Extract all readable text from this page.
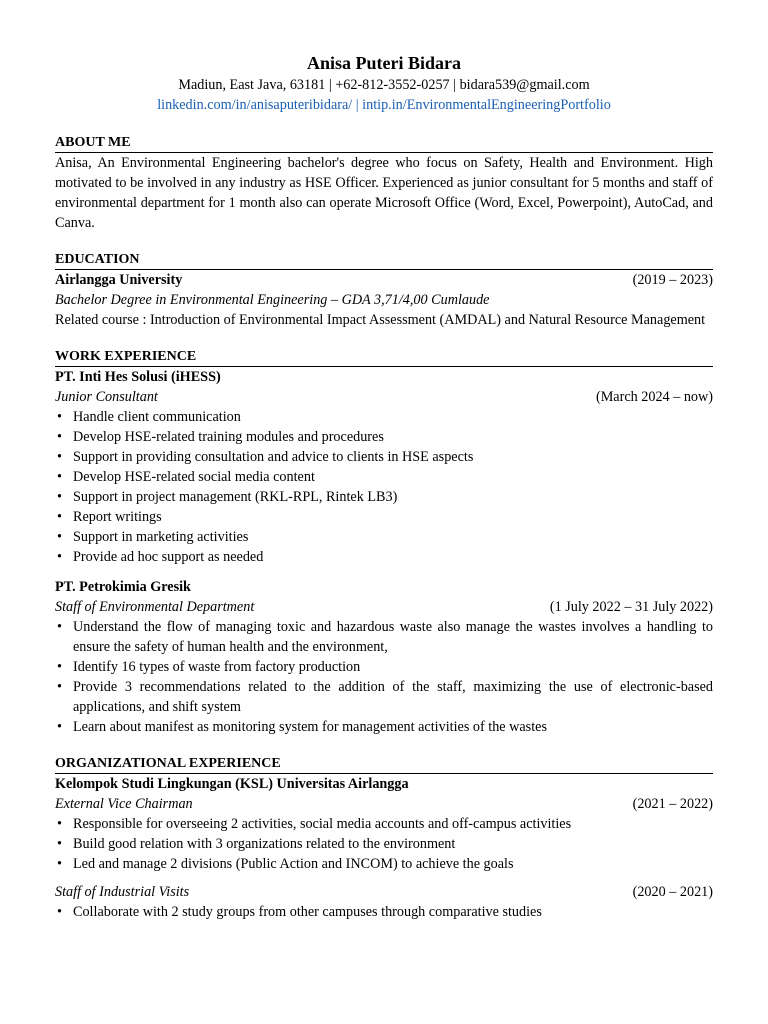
Anisa Puteri Bidara
Madiun, East Java, 63181 | +62-812-3552-0257 | bidara539@gmail.com
linkedin.com/in/anisaputeribidara/ | intip.in/EnvironmentalEngineeringPortfolio
ABOUT ME
Anisa, An Environmental Engineering bachelor's degree who focus on Safety, Health and Environment. High motivated to be involved in any industry as HSE Officer. Experienced as junior consultant for 5 months and staff of environmental department for 1 month also can operate Microsoft Office (Word, Excel, Powerpoint), AutoCad, and Canva.
EDUCATION
Airlangga University	(2019 – 2023)
Bachelor Degree in Environmental Engineering – GDA 3,71/4,00 Cumlaude
Related course : Introduction of Environmental Impact Assessment (AMDAL) and Natural Resource Management
WORK EXPERIENCE
PT. Inti Hes Solusi (iHESS)
Junior Consultant	(March 2024 – now)
• Handle client communication
• Develop HSE-related training modules and procedures
• Support in providing consultation and advice to clients in HSE aspects
• Develop HSE-related social media content
• Support in project management (RKL-RPL, Rintek LB3)
• Report writings
• Support in marketing activities
• Provide ad hoc support as needed
PT. Petrokimia Gresik
Staff of Environmental Department	(1 July 2022 – 31 July 2022)
• Understand the flow of managing toxic and hazardous waste also manage the wastes involves a handling to ensure the safety of human health and the environment,
• Identify 16 types of waste from factory production
• Provide 3 recommendations related to the addition of the staff, maximizing the use of electronic-based applications, and shift system
• Learn about manifest as monitoring system for management activities of the wastes
ORGANIZATIONAL EXPERIENCE
Kelompok Studi Lingkungan (KSL) Universitas Airlangga
External Vice Chairman	(2021 – 2022)
• Responsible for overseeing 2 activities, social media accounts and off-campus activities
• Build good relation with 3 organizations related to the environment
• Led and manage 2 divisions (Public Action and INCOM) to achieve the goals
Staff of Industrial Visits	(2020 – 2021)
• Collaborate with 2 study groups from other campuses through comparative studies
